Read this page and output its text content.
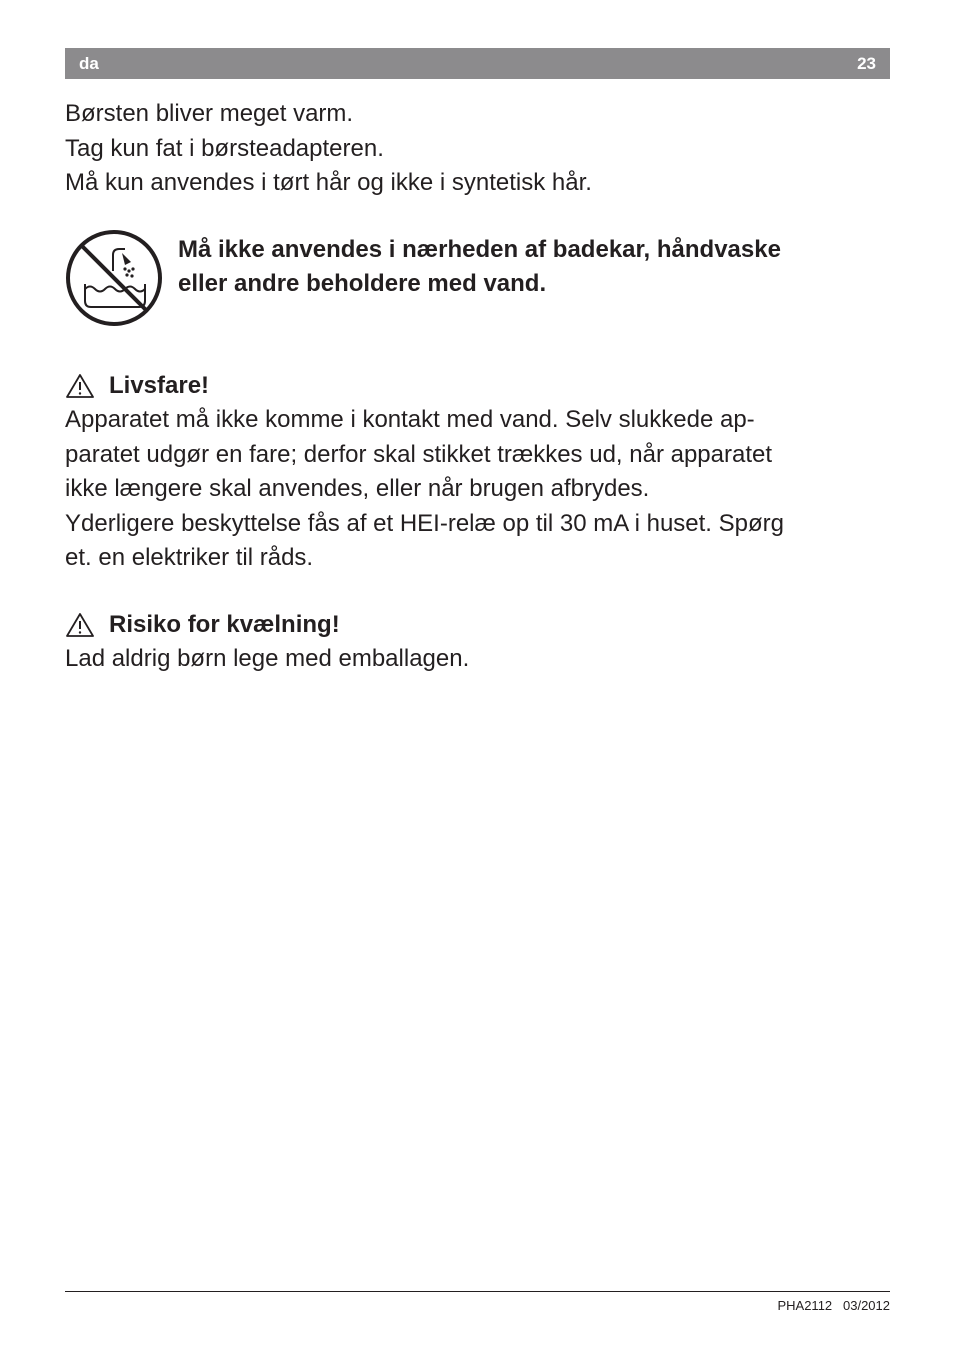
da	23

Børsten bliver meget varm.

Tag kun fat i børsteadapteren.

Må kun anvendes i tørt hår og ikke i syntetisk hår.

Må ikke anvendes i nærheden af badekar, håndvaske
eller andre beholdere med vand.
Livsfare!

Apparatet må ikke komme i kontakt med vand. Selv slukkede ap-

paratet udgør en fare; derfor skal stikket trækkes ud, når apparatet

ikke længere skal anvendes, eller når brugen afbrydes.

Yderligere beskyttelse fås af et HEI-relæ op til 30 mA i huset. Spørg

et. en elektriker til råds.

Risiko for kvælning!

Lad aldrig børn lege med emballagen.

PHA2112 03/2012
